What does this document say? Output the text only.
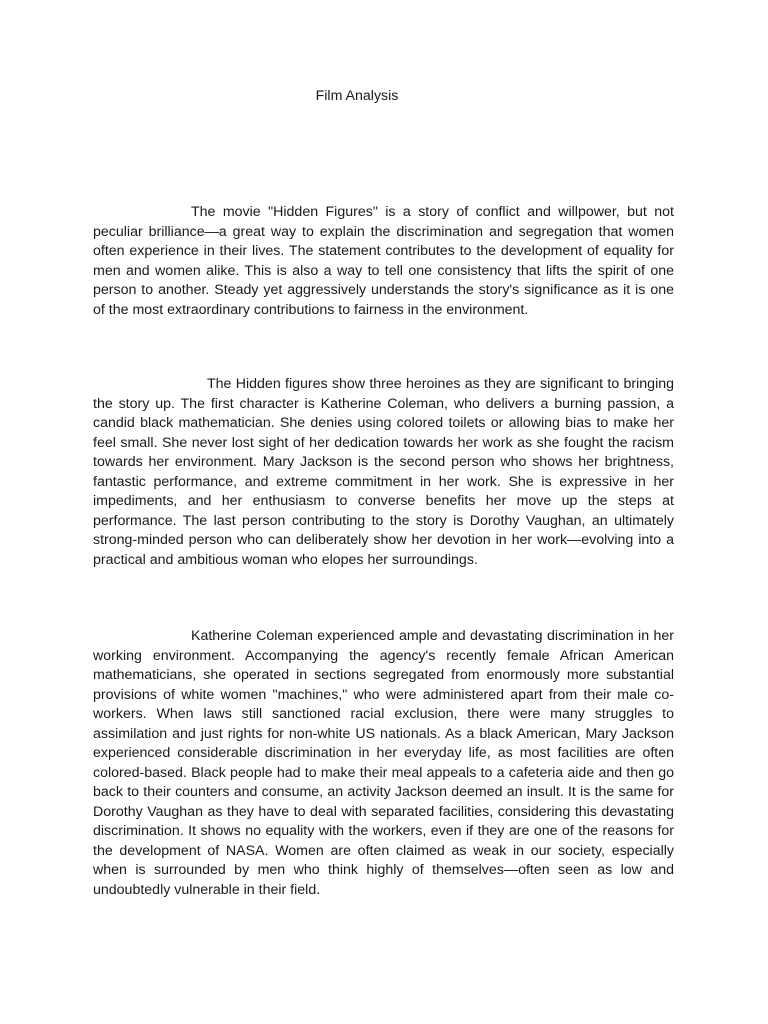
Film Analysis

The movie "Hidden Figures" is a story of conflict and willpower, but not peculiar brilliance—a great way to explain the discrimination and segregation that women often experience in their lives. The statement contributes to the development of equality for men and women alike. This is also a way to tell one consistency that lifts the spirit of one person to another. Steady yet aggressively understands the story's significance as it is one of the most extraordinary contributions to fairness in the environment.

The Hidden figures show three heroines as they are significant to bringing the story up. The first character is Katherine Coleman, who delivers a burning passion, a candid black mathematician. She denies using colored toilets or allowing bias to make her feel small. She never lost sight of her dedication towards her work as she fought the racism towards her environment. Mary Jackson is the second person who shows her brightness, fantastic performance, and extreme commitment in her work. She is expressive in her impediments, and her enthusiasm to converse benefits her move up the steps at performance. The last person contributing to the story is Dorothy Vaughan, an ultimately strong-minded person who can deliberately show her devotion in her work—evolving into a practical and ambitious woman who elopes her surroundings.

Katherine Coleman experienced ample and devastating discrimination in her working environment. Accompanying the agency's recently female African American mathematicians, she operated in sections segregated from enormously more substantial provisions of white women "machines," who were administered apart from their male co-workers. When laws still sanctioned racial exclusion, there were many struggles to assimilation and just rights for non-white US nationals. As a black American, Mary Jackson experienced considerable discrimination in her everyday life, as most facilities are often colored-based. Black people had to make their meal appeals to a cafeteria aide and then go back to their counters and consume, an activity Jackson deemed an insult. It is the same for Dorothy Vaughan as they have to deal with separated facilities, considering this devastating discrimination. It shows no equality with the workers, even if they are one of the reasons for the development of NASA. Women are often claimed as weak in our society, especially when is surrounded by men who think highly of themselves—often seen as low and undoubtedly vulnerable in their field.
